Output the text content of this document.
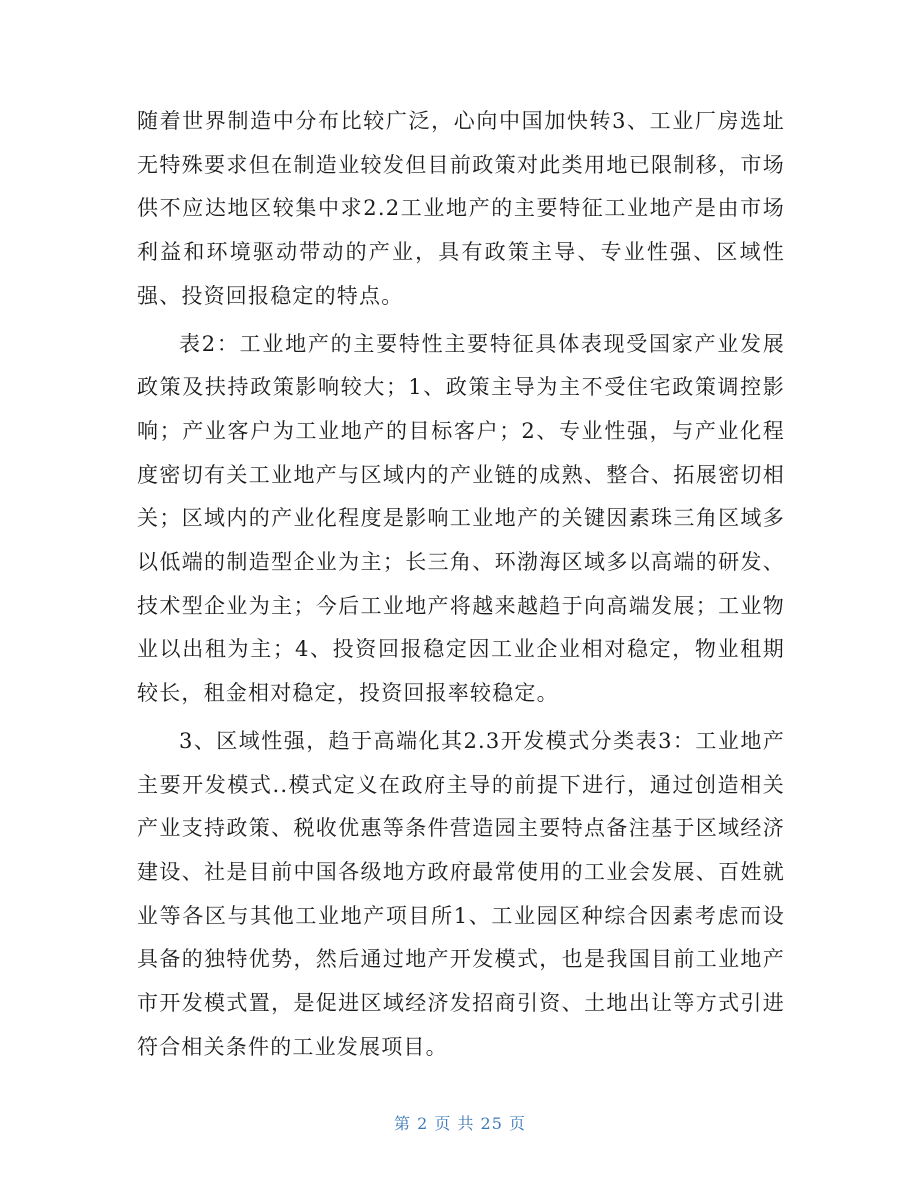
随着世界制造中分布比较广泛，心向中国加快转3、工业厂房选址无特殊要求但在制造业较发但目前政策对此类用地已限制移，市场供不应达地区较集中求2.2工业地产的主要特征工业地产是由市场利益和环境驱动带动的产业，具有政策主导、专业性强、区域性强、投资回报稳定的特点。

表2：工业地产的主要特性主要特征具体表现受国家产业发展政策及扶持政策影响较大；1、政策主导为主不受住宅政策调控影响；产业客户为工业地产的目标客户；2、专业性强，与产业化程度密切有关工业地产与区域内的产业链的成熟、整合、拓展密切相关；区域内的产业化程度是影响工业地产的关键因素珠三角区域多以低端的制造型企业为主；长三角、环渤海区域多以高端的研发、技术型企业为主；今后工业地产将越来越趋于向高端发展；工业物业以出租为主；4、投资回报稳定因工业企业相对稳定，物业租期较长，租金相对稳定，投资回报率较稳定。

3、区域性强，趋于高端化其2.3开发模式分类表3：工业地产主要开发模式..模式定义在政府主导的前提下进行，通过创造相关产业支持政策、税收优惠等条件营造园主要特点备注基于区域经济建设、社是目前中国各级地方政府最常使用的工业会发展、百姓就业等各区与其他工业地产项目所1、工业园区种综合因素考虑而设具备的独特优势，然后通过地产开发模式，也是我国目前工业地产市开发模式置，是促进区域经济发招商引资、土地出让等方式引进符合相关条件的工业发展项目。

第 2 页 共 25 页
